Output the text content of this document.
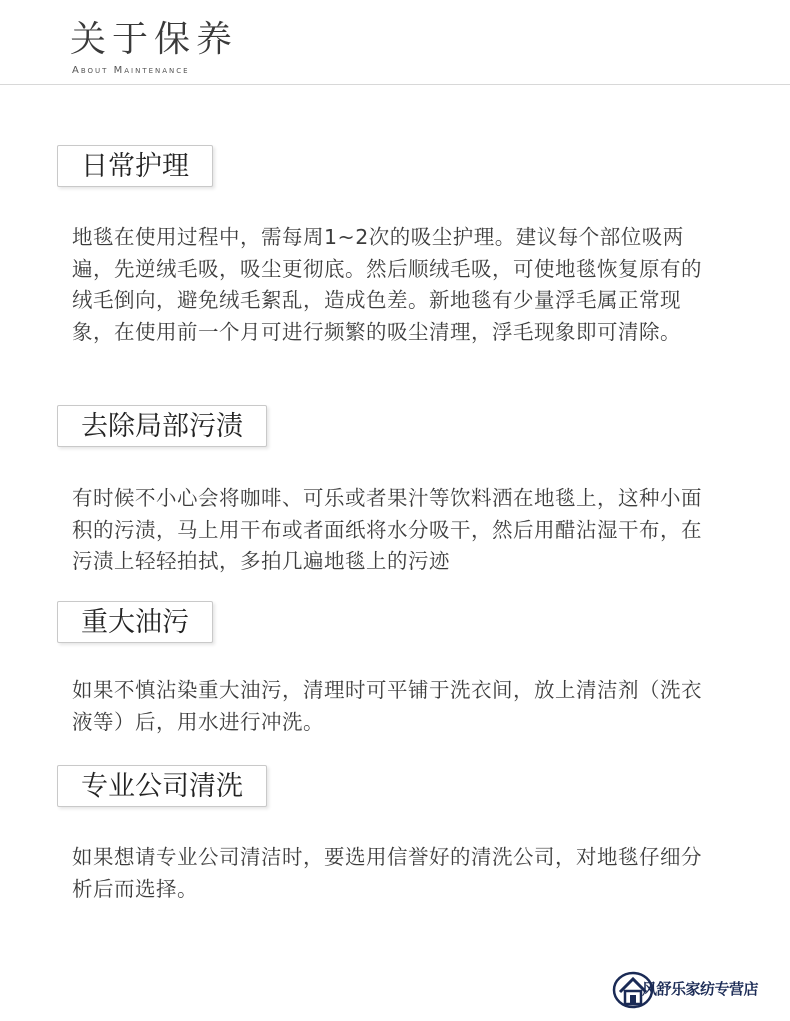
关于保养
About Maintenance
日常护理
地毯在使用过程中，需每周1~2次的吸尘护理。建议每个部位吸两遍，先逆绒毛吸，吸尘更彻底。然后顺绒毛吸，可使地毯恢复原有的绒毛倒向，避免绒毛絮乱，造成色差。新地毯有少量浮毛属正常现象，在使用前一个月可进行频繁的吸尘清理，浮毛现象即可清除。
去除局部污渍
有时候不小心会将咖啡、可乐或者果汁等饮料洒在地毯上，这种小面积的污渍，马上用干布或者面纸将水分吸干，然后用醋沾湿干布，在污渍上轻轻拍拭，多拍几遍地毯上的污迹
重大油污
如果不慎沾染重大油污，清理时可平铺于洗衣间，放上清洁剂（洗衣液等）后，用水进行冲洗。
专业公司清洗
如果想请专业公司清洁时，要选用信誉好的清洗公司，对地毯仔细分析后而选择。
风舒乐家纺专营店
